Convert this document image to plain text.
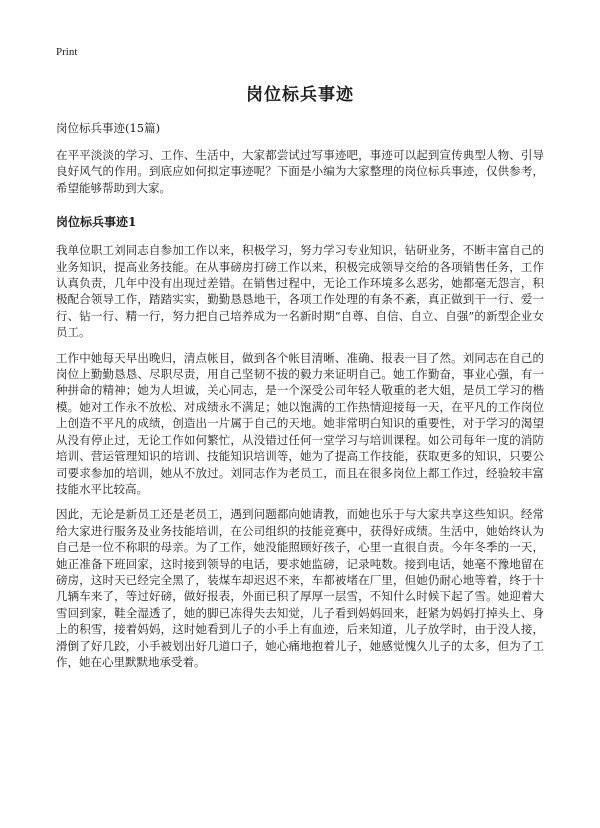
Print
岗位标兵事迹
岗位标兵事迹(15篇)

在平平淡淡的学习、工作、生活中，大家都尝试过写事迹吧，事迹可以起到宣传典型人物、引导良好风气的作用。到底应如何拟定事迹呢？下面是小编为大家整理的岗位标兵事迹，仅供参考，希望能够帮助到大家。

岗位标兵事迹1

我单位职工刘同志自参加工作以来，积极学习，努力学习专业知识，钻研业务，不断丰富自己的业务知识，提高业务技能。在从事磅房打磅工作以来，积极完成领导交给的各项销售任务，工作认真负责，几年中没有出现过差错。在销售过程中，无论工作环境多么恶劣，她都毫无怨言，积极配合领导工作，踏踏实实，勤勤恳恳地干，各项工作处理的有条不紊，真正做到干一行、爱一行、钻一行、精一行，努力把自己培养成为一名新时期“自尊、自信、自立、自强”的新型企业女员工。

工作中她每天早出晚归，清点帐目，做到各个帐目清晰、准确、报表一目了然。刘同志在自己的岗位上勤勤恳恳、尽职尽责，用自己坚韧不拔的毅力来证明自己。她工作勤奋，事业心强，有一种拼命的精神；她为人坦诚，关心同志，是一个深受公司年轻人敬重的老大姐，是员工学习的楷模。她对工作永不放松、对成绩永不满足；她以饱满的工作热情迎接每一天，在平凡的工作岗位上创造不平凡的成绩，创造出一片属于自己的天地。她非常明白知识的重要性，对于学习的渴望从没有停止过，无论工作如何繁忙，从没错过任何一堂学习与培训课程。如公司每年一度的消防培训、营运管理知识的培训、技能知识培训等，她为了提高工作技能，获取更多的知识，只要公司要求参加的培训，她从不放过。刘同志作为老员工，而且在很多岗位上都工作过，经验较丰富技能水平比较高。

因此，无论是新员工还是老员工，遇到问题都向她请教，而她也乐于与大家共享这些知识。经常给大家进行服务及业务技能培训，在公司组织的技能竞赛中，获得好成绩。生活中，她始终认为自己是一位不称职的母亲。为了工作，她没能照顾好孩子，心里一直很自责。今年冬季的一天，她正准备下班回家，这时接到领导的电话，要求她监磅，记录吨数。接到电话，她毫不豫地留在磅房，这时天已经完全黑了，装煤车却迟迟不来，车都被堵在厂里，但她仍耐心地等着，终于十几辆车来了，等过好磅，做好报表，外面已积了厚厚一层雪，不知什么时候下起了雪。她迎着大雪回到家，鞋全湿透了，她的脚已冻得失去知觉，儿子看到妈妈回来，赶紧为妈妈打掉头上、身上的积雪，接着妈妈，这时她看到儿子的小手上有血迹，后来知道，儿子放学时，由于没人接，滑倒了好几跤，小手被划出好几道口子，她心痛地抱着儿子，她感觉愧久儿子的太多，但为了工作，她在心里默默地承受着。
